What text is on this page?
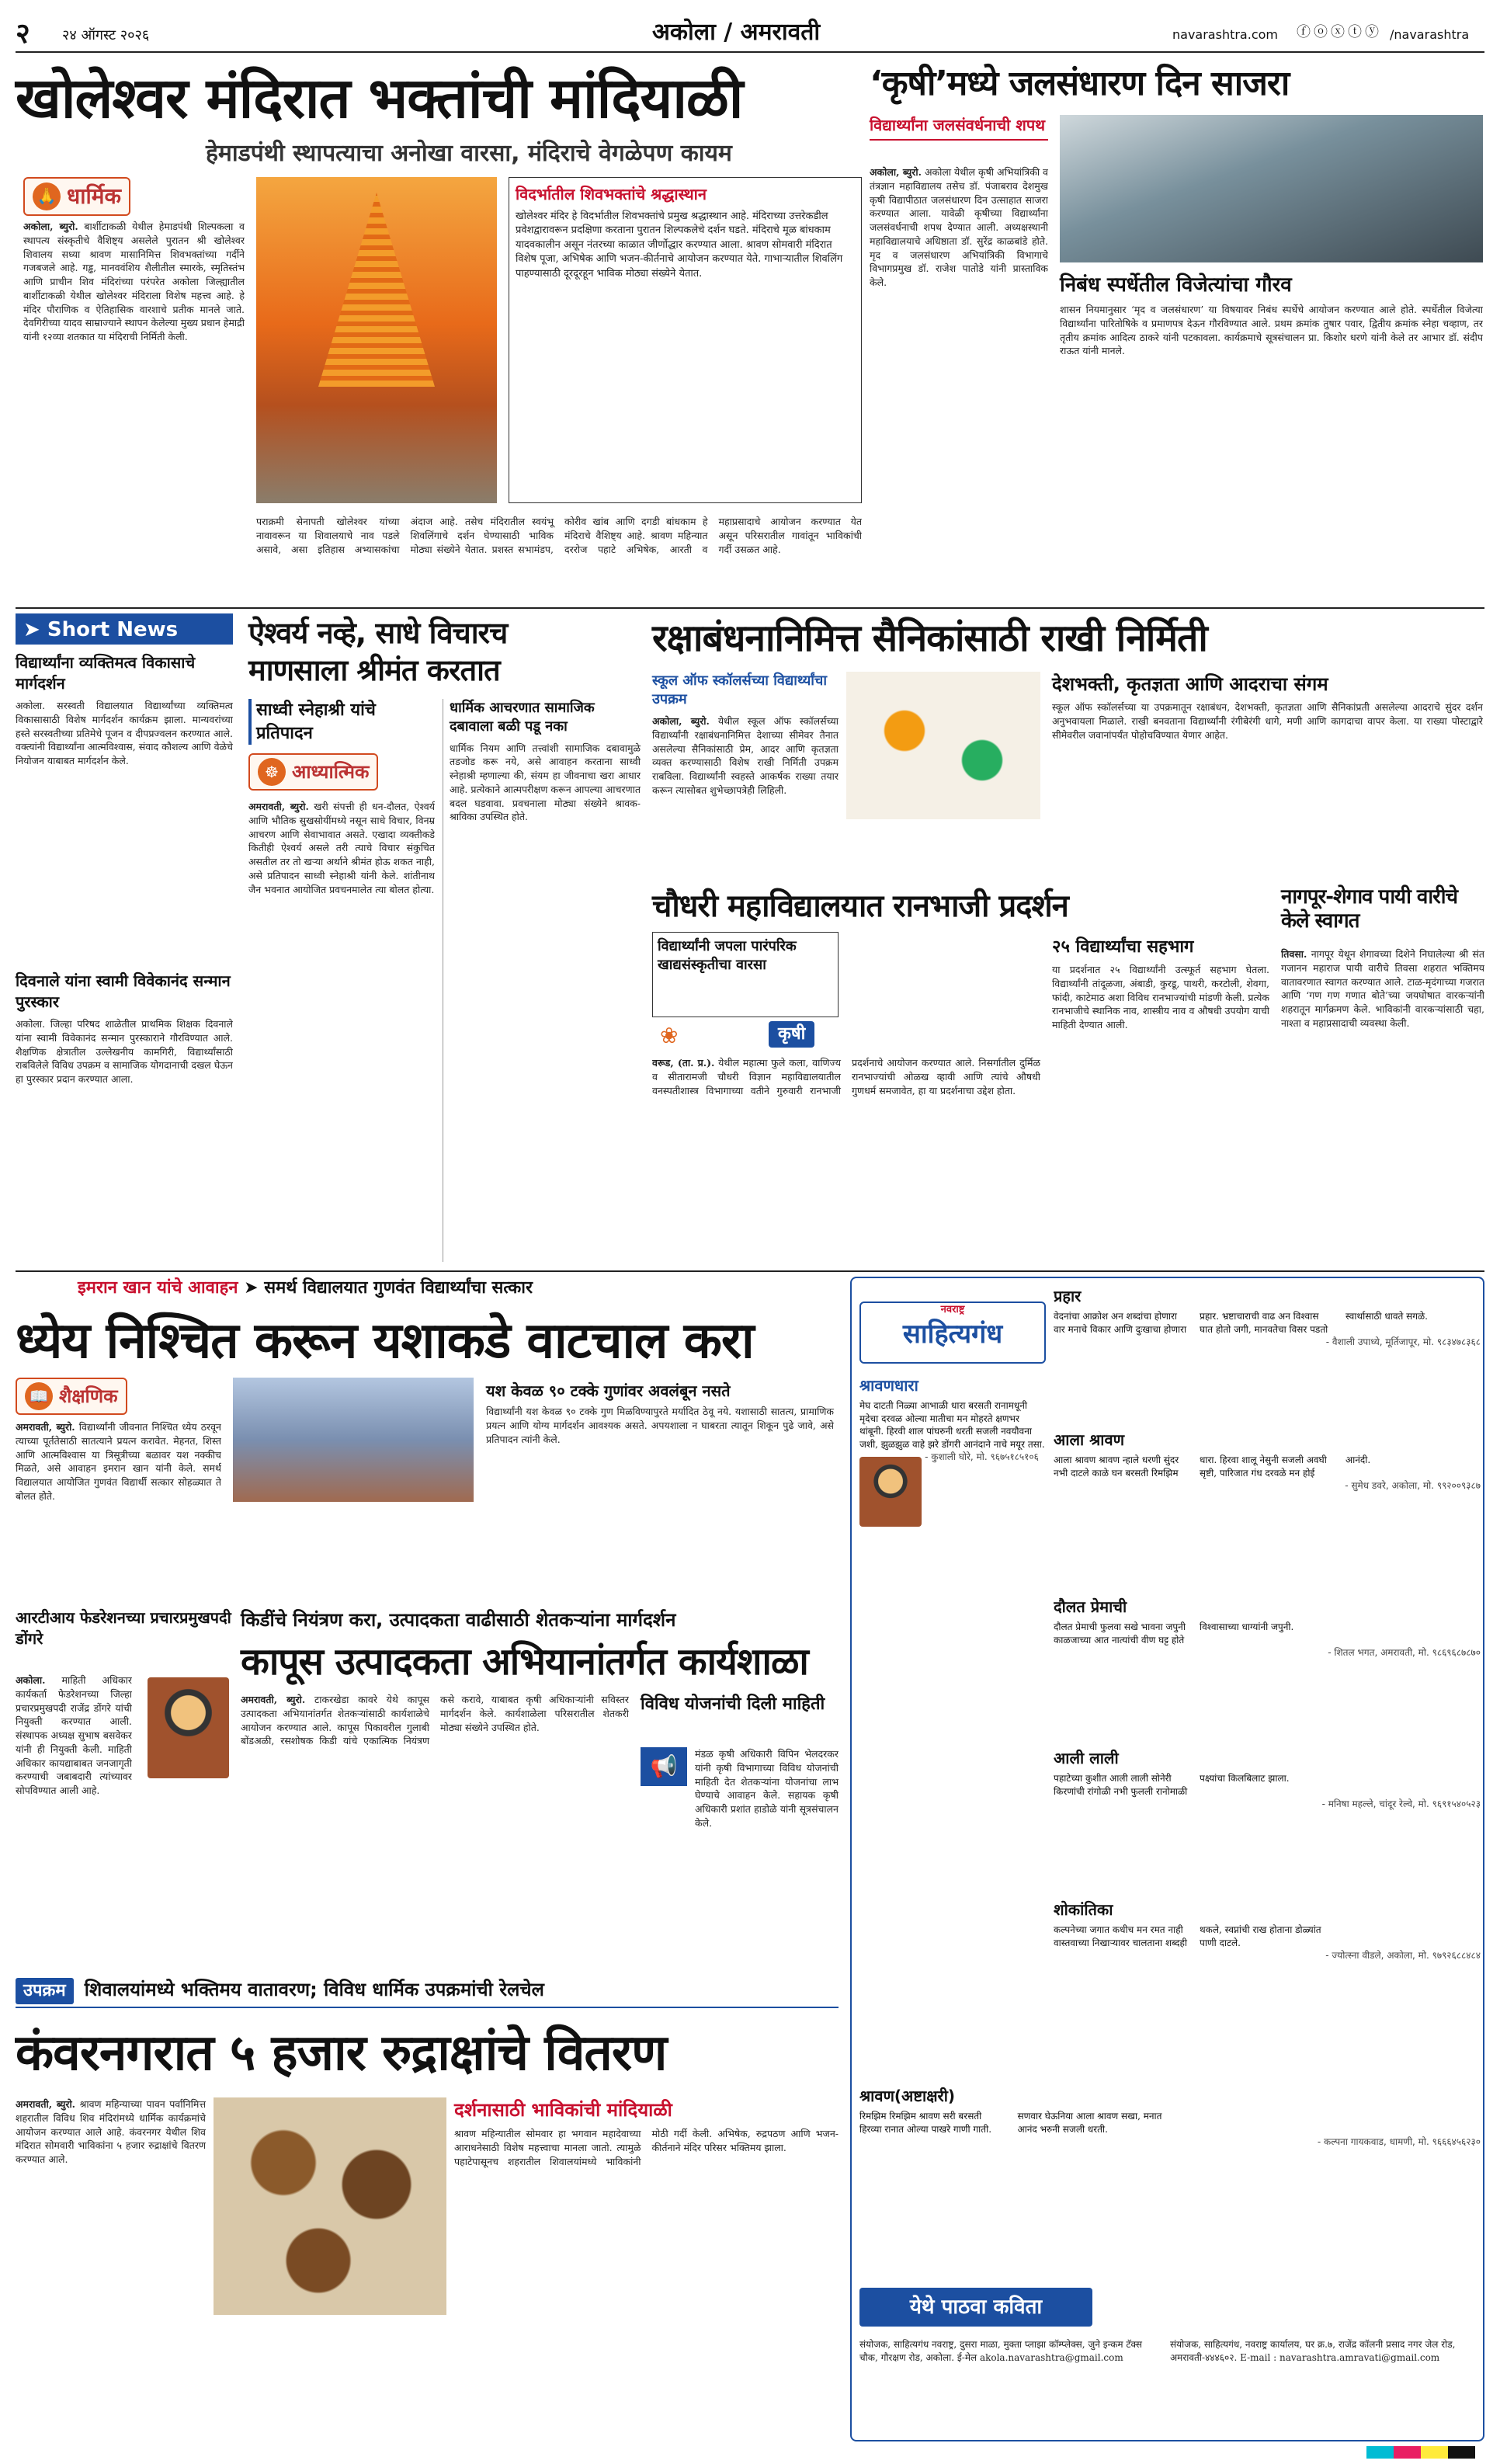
२ २४ ऑगस्ट २०२६	अकोला / अमरावती	navarashtra.com ⓕⓞⓧⓣⓨ /navarashtra
खोलेश्वर मंदिरात भक्तांची मांदियाळी
हेमाडपंथी स्थापत्याचा अनोखा वारसा, मंदिराचे वेगळेपण कायम
🙏 धार्मिक

अकोला, ब्युरो. बार्शीटाकळी येथील हेमाडपंथी शिल्पकला व स्थापत्य संस्कृतीचे वैशिष्ट्य असलेले पुरातन श्री खोलेश्वर शिवालय सध्या श्रावण मासानिमित्त शिवभक्तांच्या गर्दीने गजबजले आहे. गड्ढ, मानववंशिय शैलीतील स्मारके, स्मृतिस्तंभ आणि प्राचीन शिव मंदिरांच्या परंपरेत अकोला जिल्ह्यातील बार्शीटाकळी येथील खोलेश्वर मंदिराला विशेष महत्त्व आहे. हे मंदिर पौराणिक व ऐतिहासिक वारशाचे प्रतीक मानले जाते. देवगिरीच्या यादव साम्राज्याने स्थापन केलेल्या मुख्य प्रधान हेमाद्री यांनी १२व्या शतकात या मंदिराची निर्मिती केली.

विदर्भातील शिवभक्तांचे श्रद्धास्थान
खोलेश्वर मंदिर हे विदर्भातील शिवभक्तांचे प्रमुख श्रद्धास्थान आहे. मंदिराच्या उत्तरेकडील प्रवेशद्वारावरून प्रदक्षिणा करताना पुरातन शिल्पकलेचे दर्शन घडते. मंदिराचे मूळ बांधकाम यादवकालीन असून नंतरच्या काळात जीर्णोद्धार करण्यात आला. श्रावण सोमवारी मंदिरात विशेष पूजा, अभिषेक आणि भजन-कीर्तनाचे आयोजन करण्यात येते. गाभाऱ्यातील शिवलिंग पाहण्यासाठी दूरदूरहून भाविक मोठ्या संख्येने येतात.
पराक्रमी सेनापती खोलेश्वर यांच्या नावावरून या शिवालयाचे नाव पडले असावे, असा इतिहास अभ्यासकांचा अंदाज आहे. तसेच मंदिरातील स्वयंभू शिवलिंगाचे दर्शन घेण्यासाठी भाविक मोठ्या संख्येने येतात. प्रशस्त सभामंडप, कोरीव खांब आणि दगडी बांधकाम हे मंदिराचे वैशिष्ट्य आहे. श्रावण महिन्यात दररोज पहाटे अभिषेक, आरती व महाप्रसादाचे आयोजन करण्यात येत असून परिसरातील गावांतून भाविकांची गर्दी उसळत आहे.
‘कृषी’मध्ये जलसंधारण दिन साजरा
विद्यार्थ्यांना जलसंवर्धनाची शपथ
अकोला, ब्युरो. अकोला येथील कृषी अभियांत्रिकी व तंत्रज्ञान महाविद्यालय तसेच डॉ. पंजाबराव देशमुख कृषी विद्यापीठात जलसंधारण दिन उत्साहात साजरा करण्यात आला. यावेळी कृषीच्या विद्यार्थ्यांना जलसंवर्धनाची शपथ देण्यात आली. अध्यक्षस्थानी महाविद्यालयाचे अधिष्ठाता डॉ. सुरेंद्र काळबांडे होते. मृद व जलसंधारण अभियांत्रिकी विभागाचे विभागप्रमुख डॉ. राजेश पातोडे यांनी प्रास्ताविक केले.	निबंध स्पर्धेतील विजेत्यांचा गौरव
शासन नियमानुसार ‘मृद व जलसंधारण’ या विषयावर निबंध स्पर्धेचे आयोजन करण्यात आले होते. स्पर्धेतील विजेत्या विद्यार्थ्यांना पारितोषिके व प्रमाणपत्र देऊन गौरविण्यात आले. प्रथम क्रमांक तुषार पवार, द्वितीय क्रमांक स्नेहा चव्हाण, तर तृतीय क्रमांक आदित्य ठाकरे यांनी पटकावला. कार्यक्रमाचे सूत्रसंचालन प्रा. किशोर धरणे यांनी केले तर आभार डॉ. संदीप राऊत यांनी मानले.
➤ Short News
विद्यार्थ्यांना व्यक्तिमत्व विकासाचे मार्गदर्शन
अकोला. सरस्वती विद्यालयात विद्यार्थ्यांच्या व्यक्तिमत्व विकासासाठी विशेष मार्गदर्शन कार्यक्रम झाला. मान्यवरांच्या हस्ते सरस्वतीच्या प्रतिमेचे पूजन व दीपप्रज्वलन करण्यात आले. वक्त्यांनी विद्यार्थ्यांना आत्मविश्वास, संवाद कौशल्य आणि वेळेचे नियोजन याबाबत मार्गदर्शन केले.
दिवनाले यांना स्वामी विवेकानंद सन्मान पुरस्कार
अकोला. जिल्हा परिषद शाळेतील प्राथमिक शिक्षक दिवनाले यांना स्वामी विवेकानंद सन्मान पुरस्काराने गौरविण्यात आले. शैक्षणिक क्षेत्रातील उल्लेखनीय कामगिरी, विद्यार्थ्यांसाठी राबविलेले विविध उपक्रम व सामाजिक योगदानाची दखल घेऊन हा पुरस्कार प्रदान करण्यात आला.
ऐश्वर्य नव्हे, साधे विचारच
माणसाला श्रीमंत करतात
साध्वी स्नेहाश्री यांचे प्रतिपादन
☸ आध्यात्मिक
अमरावती, ब्युरो. खरी संपत्ती ही धन-दौलत, ऐश्वर्य आणि भौतिक सुखसोयींमध्ये नसून साधे विचार, विनम्र आचरण आणि सेवाभावात असते. एखादा व्यक्तीकडे कितीही ऐश्वर्य असले तरी त्याचे विचार संकुचित असतील तर तो खऱ्या अर्थाने श्रीमंत होऊ शकत नाही, असे प्रतिपादन साध्वी स्नेहाश्री यांनी केले. शांतीनाथ जैन भवनात आयोजित प्रवचनमालेत त्या बोलत होत्या.
धार्मिक आचरणात सामाजिक दबावाला बळी पडू नका
धार्मिक नियम आणि तत्त्वांशी सामाजिक दबावामुळे तडजोड करू नये, असे आवाहन करताना साध्वी स्नेहाश्री म्हणाल्या की, संयम हा जीवनाचा खरा आधार आहे. प्रत्येकाने आत्मपरीक्षण करून आपल्या आचरणात बदल घडवावा. प्रवचनाला मोठ्या संख्येने श्रावक-श्राविका उपस्थित होते.
रक्षाबंधनानिमित्त सैनिकांसाठी राखी निर्मिती
स्कूल ऑफ स्कॉलर्सच्या विद्यार्थ्यांचा उपक्रम
अकोला, ब्युरो. येथील स्कूल ऑफ स्कॉलर्सच्या विद्यार्थ्यांनी रक्षाबंधनानिमित्त देशाच्या सीमेवर तैनात असलेल्या सैनिकांसाठी प्रेम, आदर आणि कृतज्ञता व्यक्त करण्यासाठी विशेष राखी निर्मिती उपक्रम राबविला. विद्यार्थ्यांनी स्वहस्ते आकर्षक राख्या तयार करून त्यासोबत शुभेच्छापत्रेही लिहिली.
देशभक्ती, कृतज्ञता आणि आदराचा संगम
स्कूल ऑफ स्कॉलर्सच्या या उपक्रमातून रक्षाबंधन, देशभक्ती, कृतज्ञता आणि सैनिकांप्रती असलेल्या आदराचे सुंदर दर्शन अनुभवायला मिळाले. राखी बनवताना विद्यार्थ्यांनी रंगीबेरंगी धागे, मणी आणि कागदाचा वापर केला. या राख्या पोस्टाद्वारे सीमेवरील जवानांपर्यंत पोहोचविण्यात येणार आहेत.
चौधरी महाविद्यालयात रानभाजी प्रदर्शन
विद्यार्थ्यांनी जपला पारंपरिक खाद्यसंस्कृतीचा वारसा
कृषी
❀
वरूड, (ता. प्र.). येथील महात्मा फुले कला, वाणिज्य व सीतारामजी चौधरी विज्ञान महाविद्यालयातील वनस्पतीशास्त्र विभागाच्या वतीने गुरुवारी रानभाजी प्रदर्शनाचे आयोजन करण्यात आले. निसर्गातील दुर्मिळ रानभाज्यांची ओळख व्हावी आणि त्यांचे औषधी गुणधर्म समजावेत, हा या प्रदर्शनाचा उद्देश होता.
२५ विद्यार्थ्यांचा सहभाग
या प्रदर्शनात २५ विद्यार्थ्यांनी उत्स्फूर्त सहभाग घेतला. विद्यार्थ्यांनी तांदूळजा, अंबाडी, कुरडू, पाथरी, करटोली, शेवगा, फांदी, काटेमाठ अशा विविध रानभाज्यांची मांडणी केली. प्रत्येक रानभाजीचे स्थानिक नाव, शास्त्रीय नाव व औषधी उपयोग याची माहिती देण्यात आली.
नागपूर-शेगाव पायी वारीचे केले स्वागत
तिवसा. नागपूर येथून शेगावच्या दिशेने निघालेल्या श्री संत गजानन महाराज पायी वारीचे तिवसा शहरात भक्तिमय वातावरणात स्वागत करण्यात आले. टाळ-मृदंगाच्या गजरात आणि ‘गण गण गणात बोते’च्या जयघोषात वारकऱ्यांनी शहरातून मार्गक्रमण केले. भाविकांनी वारकऱ्यांसाठी चहा, नाश्ता व महाप्रसादाची व्यवस्था केली.
इमरान खान यांचे आवाहन ➤ समर्थ विद्यालयात गुणवंत विद्यार्थ्यांचा सत्कार
ध्येय निश्चित करून यशाकडे वाटचाल करा
📖 शैक्षणिक
अमरावती, ब्युरो. विद्यार्थ्यांनी जीवनात निश्चित ध्येय ठरवून त्याच्या पूर्ततेसाठी सातत्याने प्रयत्न करावेत. मेहनत, शिस्त आणि आत्मविश्वास या त्रिसूत्रीच्या बळावर यश नक्कीच मिळते, असे आवाहन इमरान खान यांनी केले. समर्थ विद्यालयात आयोजित गुणवंत विद्यार्थी सत्कार सोहळ्यात ते बोलत होते.
यश केवळ ९० टक्के गुणांवर अवलंबून नसते
विद्यार्थ्यांनी यश केवळ ९० टक्के गुण मिळविण्यापुरते मर्यादित ठेवू नये. यशासाठी सातत्य, प्रामाणिक प्रयत्न आणि योग्य मार्गदर्शन आवश्यक असते. अपयशाला न घाबरता त्यातून शिकून पुढे जावे, असे प्रतिपादन त्यांनी केले.
आरटीआय फेडरेशनच्या प्रचारप्रमुखपदी डोंगरे
अकोला. माहिती अधिकार कार्यकर्ता फेडरेशनच्या जिल्हा प्रचारप्रमुखपदी राजेंद्र डोंगरे यांची नियुक्ती करण्यात आली. संस्थापक अध्यक्ष सुभाष बसवेकर यांनी ही नियुक्ती केली. माहिती अधिकार कायद्याबाबत जनजागृती करण्याची जबाबदारी त्यांच्यावर सोपविण्यात आली आहे.
किडींचे नियंत्रण करा, उत्पादकता वाढीसाठी शेतकऱ्यांना मार्गदर्शन
कापूस उत्पादकता अभियानांतर्गत कार्यशाळा
अमरावती, ब्युरो. टाकरखेडा कावरे येथे कापूस उत्पादकता अभियानांतर्गत शेतकऱ्यांसाठी कार्यशाळेचे आयोजन करण्यात आले. कापूस पिकावरील गुलाबी बोंडअळी, रसशोषक किडी यांचे एकात्मिक नियंत्रण कसे करावे, याबाबत कृषी अधिकाऱ्यांनी सविस्तर मार्गदर्शन केले. कार्यशाळेला परिसरातील शेतकरी मोठ्या संख्येने उपस्थित होते.
विविध योजनांची दिली माहिती
📢	मंडळ कृषी अधिकारी विपिन भेलदरकर यांनी कृषी विभागाच्या विविध योजनांची माहिती देत शेतकऱ्यांना योजनांचा लाभ घेण्याचे आवाहन केले. सहायक कृषी अधिकारी प्रशांत हाडोळे यांनी सूत्रसंचालन केले.
उपक्रम शिवालयांमध्ये भक्तिमय वातावरण; विविध धार्मिक उपक्रमांची रेलचेल
कंवरनगरात ५ हजार रुद्राक्षांचे वितरण
अमरावती, ब्युरो. श्रावण महिन्याच्या पावन पर्वानिमित्त शहरातील विविध शिव मंदिरांमध्ये धार्मिक कार्यक्रमांचे आयोजन करण्यात आले आहे. कंवरनगर येथील शिव मंदिरात सोमवारी भाविकांना ५ हजार रुद्राक्षांचे वितरण करण्यात आले.
दर्शनासाठी भाविकांची मांदियाळी
श्रावण महिन्यातील सोमवार हा भगवान महादेवाच्या आराधनेसाठी विशेष महत्त्वाचा मानला जातो. त्यामुळे पहाटेपासूनच शहरातील शिवालयांमध्ये भाविकांनी मोठी गर्दी केली. अभिषेक, रुद्रपठण आणि भजन-कीर्तनाने मंदिर परिसर भक्तिमय झाला.
नवराष्ट्र
साहित्यगंध
श्रावणधारा

मेघ दाटती निळ्या आभाळी धारा बरसती रानामधूनी मृदेचा दरवळ ओल्या मातीचा मन मोहरते क्षणभर थांबूनी. हिरवी शाल पांघरुनी धरती सजली नवयौवना जशी, झुळझुळ वाहे झरे डोंगरी आनंदाने नाचे मयूर तसा.

- कुशाली घोरे, मो. ९६७५१८५१०६
प्रहार

वेदनांचा आक्रोश अन शब्दांचा होणारा वार मनाचे विकार आणि दुःखाचा होणारा प्रहार. भ्रष्टाचाराची वाढ अन विश्वास घात होतो जगी, मानवतेचा विसर पडतो स्वार्थासाठी धावते सगळे.

- वैशाली उपाध्ये, मूर्तिजापूर, मो. ९८३४७८३६८
आला श्रावण

आला श्रावण श्रावण न्हाले धरणी सुंदर नभी दाटले काळे घन बरसती रिमझिम धारा. हिरवा शालू नेसुनी सजली अवघी सृष्टी, पारिजात गंध दरवळे मन होई आनंदी.

- सुमेध डवरे, अकोला, मो. ९९२००९३८७
दौलत प्रेमाची

दौलत प्रेमाची फुलवा सखे भावना जपुनी काळजाच्या आत नात्यांची वीण घट्ट होते विश्वासाच्या धाग्यांनी जपुनी.

- शितल भगत, अमरावती, मो. ९८६९६८७८७०
आली लाली

पहाटेच्या कुशीत आली लाली सोनेरी किरणांची रांगोळी नभी फुलली रानोमाळी पक्ष्यांचा किलबिलाट झाला.

- मनिषा महल्ले, चांदूर रेल्वे, मो. ९६९१५४०५२३
शोकांतिका

कल्पनेच्या जगात कधीच मन रमत नाही वास्तवाच्या निखाऱ्यावर चालताना शब्दही थकले, स्वप्नांची राख होताना डोळ्यांत पाणी दाटले.

- ज्योत्स्ना वीडले, अकोला, मो. ९७९२६८८४८४
श्रावण(अष्टाक्षरी)

रिमझिम रिमझिम श्रावण सरी बरसती हिरव्या रानात ओल्या पाखरे गाणी गाती. सणवार घेऊनिया आला श्रावण सखा, मनात आनंद भरुनी सजली धरती.

- कल्पना गायकवाड, धामणी, मो. ९६६६४५६२३०
येथे पाठवा कविता
संयोजक, साहित्यगंध नवराष्ट्र, दुसरा माळा, मुक्ता प्लाझा कॉम्प्लेक्स, जुने इन्कम टॅक्स चौक, गौरक्षण रोड, अकोला. ई-मेल akola.navarashtra@gmail.com
संयोजक, साहित्यगंध, नवराष्ट्र कार्यालय, घर क्र.७, राजेंद्र कॉलनी प्रसाद नगर जेल रोड, अमरावती-४४४६०२. E-mail : navarashtra.amravati@gmail.com
